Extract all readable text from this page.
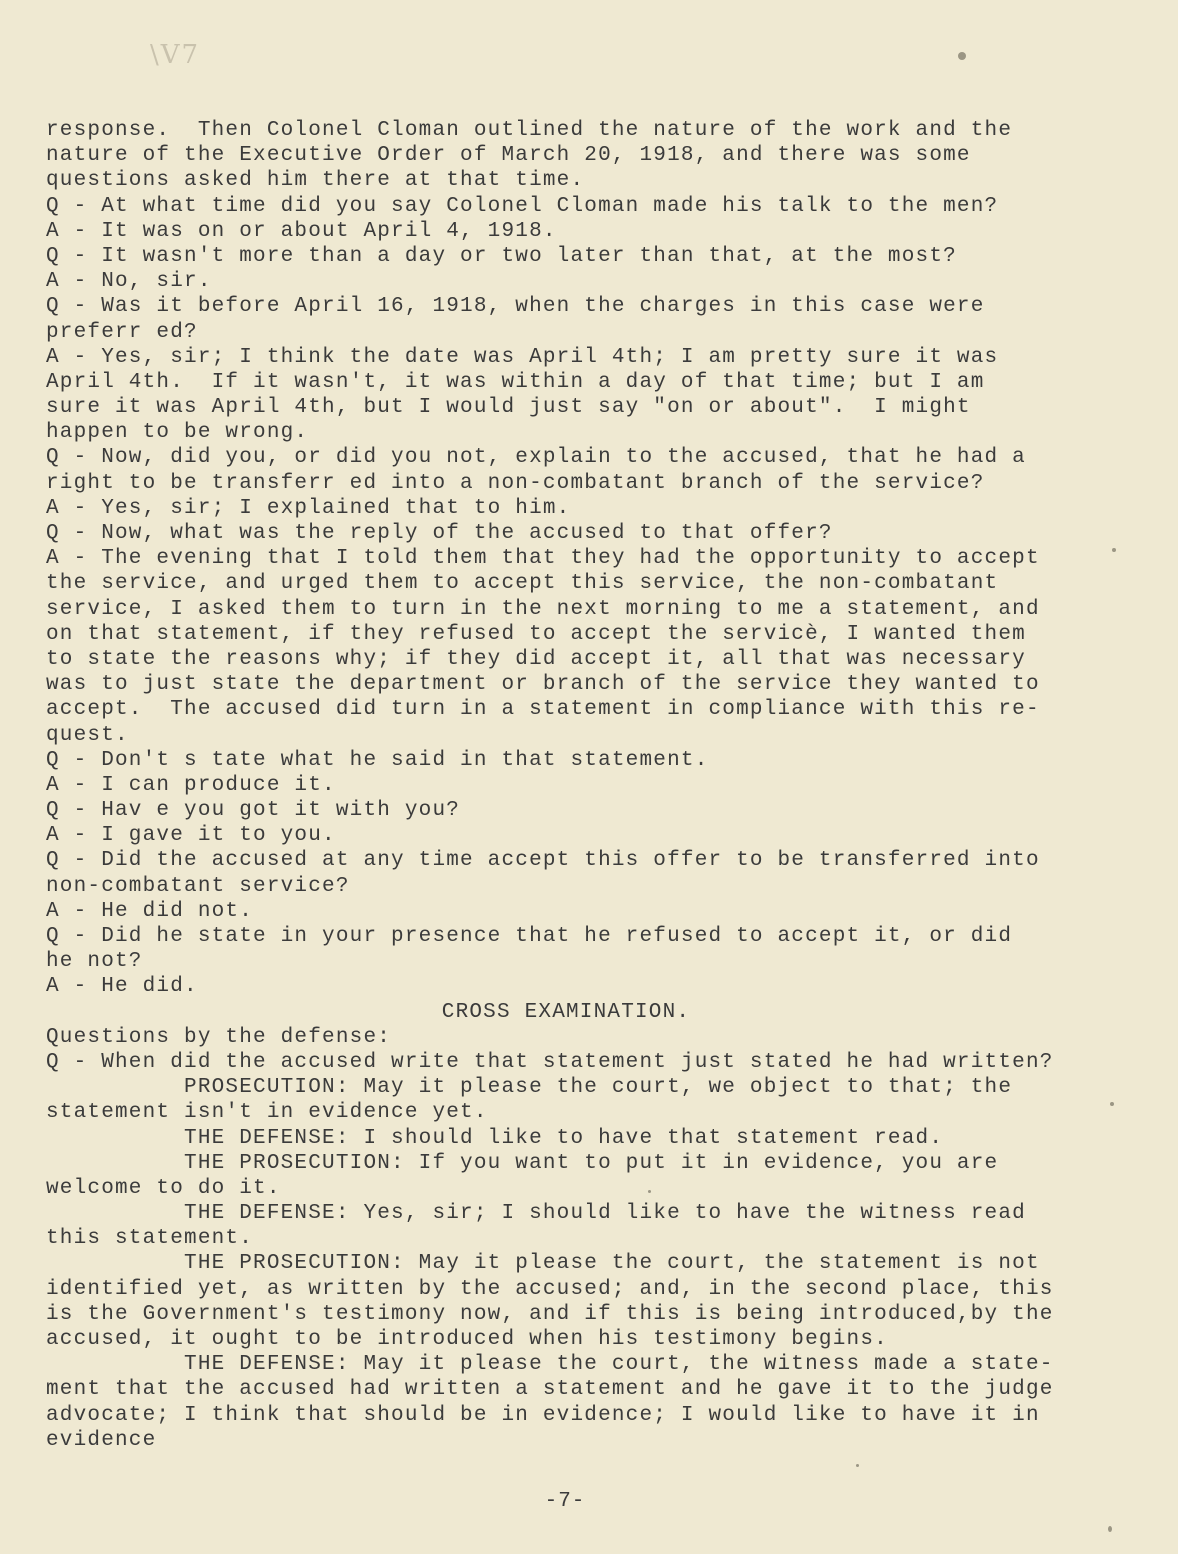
\V7
response.  Then Colonel Cloman outlined the nature of the work and the
nature of the Executive Order of March 20, 1918, and there was some
questions asked him there at that time.
Q - At what time did you say Colonel Cloman made his talk to the men?
A - It was on or about April 4, 1918.
Q - It wasn't more than a day or two later than that, at the most?
A - No, sir.
Q - Was it before April 16, 1918, when the charges in this case were
preferr ed?
A - Yes, sir; I think the date was April 4th; I am pretty sure it was
April 4th.  If it wasn't, it was within a day of that time; but I am
sure it was April 4th, but I would just say "on or about".  I might
happen to be wrong.
Q - Now, did you, or did you not, explain to the accused, that he had a
right to be transferr ed into a non-combatant branch of the service?
A - Yes, sir; I explained that to him.
Q - Now, what was the reply of the accused to that offer?
A - The evening that I told them that they had the opportunity to accept
the service, and urged them to accept this service, the non-combatant
service, I asked them to turn in the next morning to me a statement, and
on that statement, if they refused to accept the servicè, I wanted them
to state the reasons why; if they did accept it, all that was necessary
was to just state the department or branch of the service they wanted to
accept.  The accused did turn in a statement in compliance with this re-
quest.
Q - Don't s tate what he said in that statement.
A - I can produce it.
Q - Hav e you got it with you?
A - I gave it to you.
Q - Did the accused at any time accept this offer to be transferred into
non-combatant service?
A - He did not.
Q - Did he state in your presence that he refused to accept it, or did
he not?
A - He did.
CROSS EXAMINATION.
Questions by the defense:
Q - When did the accused write that statement just stated he had written?
PROSECUTION: May it please the court, we object to that; the
statement isn't in evidence yet.
THE DEFENSE: I should like to have that statement read.
THE PROSECUTION: If you want to put it in evidence, you are
welcome to do it.
THE DEFENSE: Yes, sir; I should like to have the witness read
this statement.
THE PROSECUTION: May it please the court, the statement is not
identified yet, as written by the accused; and, in the second place, this
is the Government's testimony now, and if this is being introduced,by the
accused, it ought to be introduced when his testimony begins.
THE DEFENSE: May it please the court, the witness made a state-
ment that the accused had written a statement and he gave it to the judge
advocate; I think that should be in evidence; I would like to have it in
evidence
-7-
